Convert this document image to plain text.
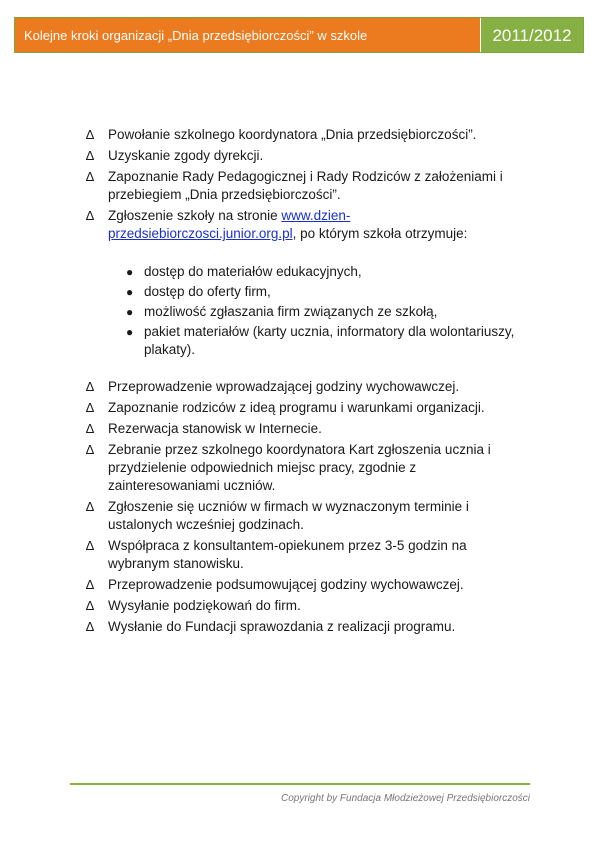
Kolejne kroki organizacji „Dnia przedsiębiorczości” w szkole	2011/2012
∆	Powołanie szkolnego koordynatora „Dnia przedsiębiorczości”.
∆	Uzyskanie zgody dyrekcji.
∆	Zapoznanie Rady Pedagogicznej i Rady Rodziców z założeniami i przebiegiem „Dnia przedsiębiorczości”.
∆	Zgłoszenie szkoły na stronie www.dzien-przedsiebiorczosci.junior.org.pl, po którym szkoła otrzymuje:
● dostęp do materiałów edukacyjnych,
● dostęp do oferty firm,
● możliwość zgłaszania firm związanych ze szkołą,
● pakiet materiałów (karty ucznia, informatory dla wolontariuszy, plakaty).
∆	Przeprowadzenie wprowadzającej godziny wychowawczej.
∆	Zapoznanie rodziców z ideą programu i warunkami organizacji.
∆	Rezerwacja stanowisk w Internecie.
∆	Zebranie przez szkolnego koordynatora Kart zgłoszenia ucznia i przydzielenie odpowiednich miejsc pracy, zgodnie z zainteresowaniami uczniów.
∆	Zgłoszenie się uczniów w firmach w wyznaczonym terminie i ustalonych wcześniej godzinach.
∆	Współpraca z konsultantem-opiekunem przez 3-5 godzin na wybranym stanowisku.
∆	Przeprowadzenie podsumowującej godziny wychowawczej.
∆	Wysyłanie podziękowań do firm.
∆	Wysłanie do Fundacji sprawozdania z realizacji programu.
Copyright by Fundacja Młodzieżowej Przedsiębiorczości
